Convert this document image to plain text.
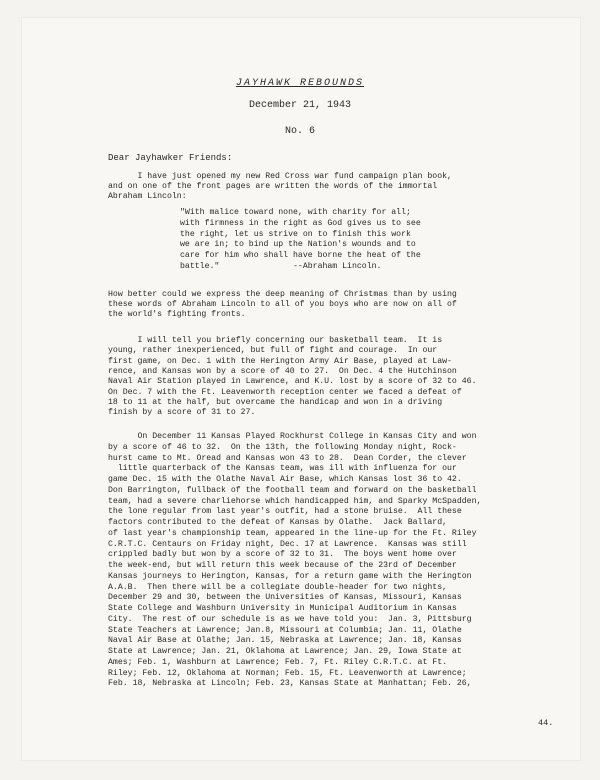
JAYHAWK REBOUNDS
December 21, 1943
No. 6
Dear Jayhawker Friends:
I have just opened my new Red Cross war fund campaign plan book,
and on one of the front pages are written the words of the immortal
Abraham Lincoln:
"With malice toward none, with charity for all;
with firmness in the right as God gives us to see
the right, let us strive on to finish this work
we are in; to bind up the Nation's wounds and to
care for him who shall have borne the heat of the
battle."               --Abraham Lincoln.
How better could we express the deep meaning of Christmas than by using
these words of Abraham Lincoln to all of you boys who are now on all of
the world's fighting fronts.
I will tell you briefly concerning our basketball team.  It is
young, rather inexperienced, but full of fight and courage.  In our
first game, on Dec. 1 with the Herington Army Air Base, played at Law-
rence, and Kansas won by a score of 40 to 27.  On Dec. 4 the Hutchinson
Naval Air Station played in Lawrence, and K.U. lost by a score of 32 to 46.
On Dec. 7 with the Ft. Leavenworth reception center we faced a defeat of
18 to 11 at the half, but overcame the handicap and won in a driving
finish by a score of 31 to 27.
On December 11 Kansas Played Rockhurst College in Kansas City and won
by a score of 46 to 32.  On the 13th, the following Monday night, Rock-
hurst came to Mt. Oread and Kansas won 43 to 28.  Dean Corder, the clever
little quarterback of the Kansas team, was ill with influenza for our
game Dec. 15 with the Olathe Naval Air Base, which Kansas lost 36 to 42.
Don Barrington, fullback of the football team and forward on the basketball
team, had a severe charliehorse which handicapped him, and Sparky McSpadden,
the lone regular from last year's outfit, had a stone bruise.  All these
factors contributed to the defeat of Kansas by Olathe.  Jack Ballard,
of last year's championship team, appeared in the line-up for the Ft. Riley
C.R.T.C. Centaurs on Friday night, Dec. 17 at Lawrence.  Kansas was still
crippled badly but won by a score of 32 to 31.  The boys went home over
the week-end, but will return this week because of the 23rd of December
Kansas journeys to Herington, Kansas, for a return game with the Herington
A.A.B.  Then there will be a collegiate double-header for two nights,
December 29 and 30, between the Universities of Kansas, Missouri, Kansas
State College and Washburn University in Municipal Auditorium in Kansas
City.  The rest of our schedule is as we have told you:  Jan. 3, Pittsburg
State Teachers at Lawrence; Jan.8, Missouri at Columbia; Jan. 11, Olathe
Naval Air Base at Olathe; Jan. 15, Nebraska at Lawrence; Jan. 18, Kansas
State at Lawrence; Jan. 21, Oklahoma at Lawrence; Jan. 29, Iowa State at
Ames; Feb. 1, Washburn at Lawrence; Feb. 7, Ft. Riley C.R.T.C. at Ft.
Riley; Feb. 12, Oklahoma at Norman; Feb. 15, Ft. Leavenworth at Lawrence;
Feb. 18, Nebraska at Lincoln; Feb. 23, Kansas State at Manhattan; Feb. 26,
44.
